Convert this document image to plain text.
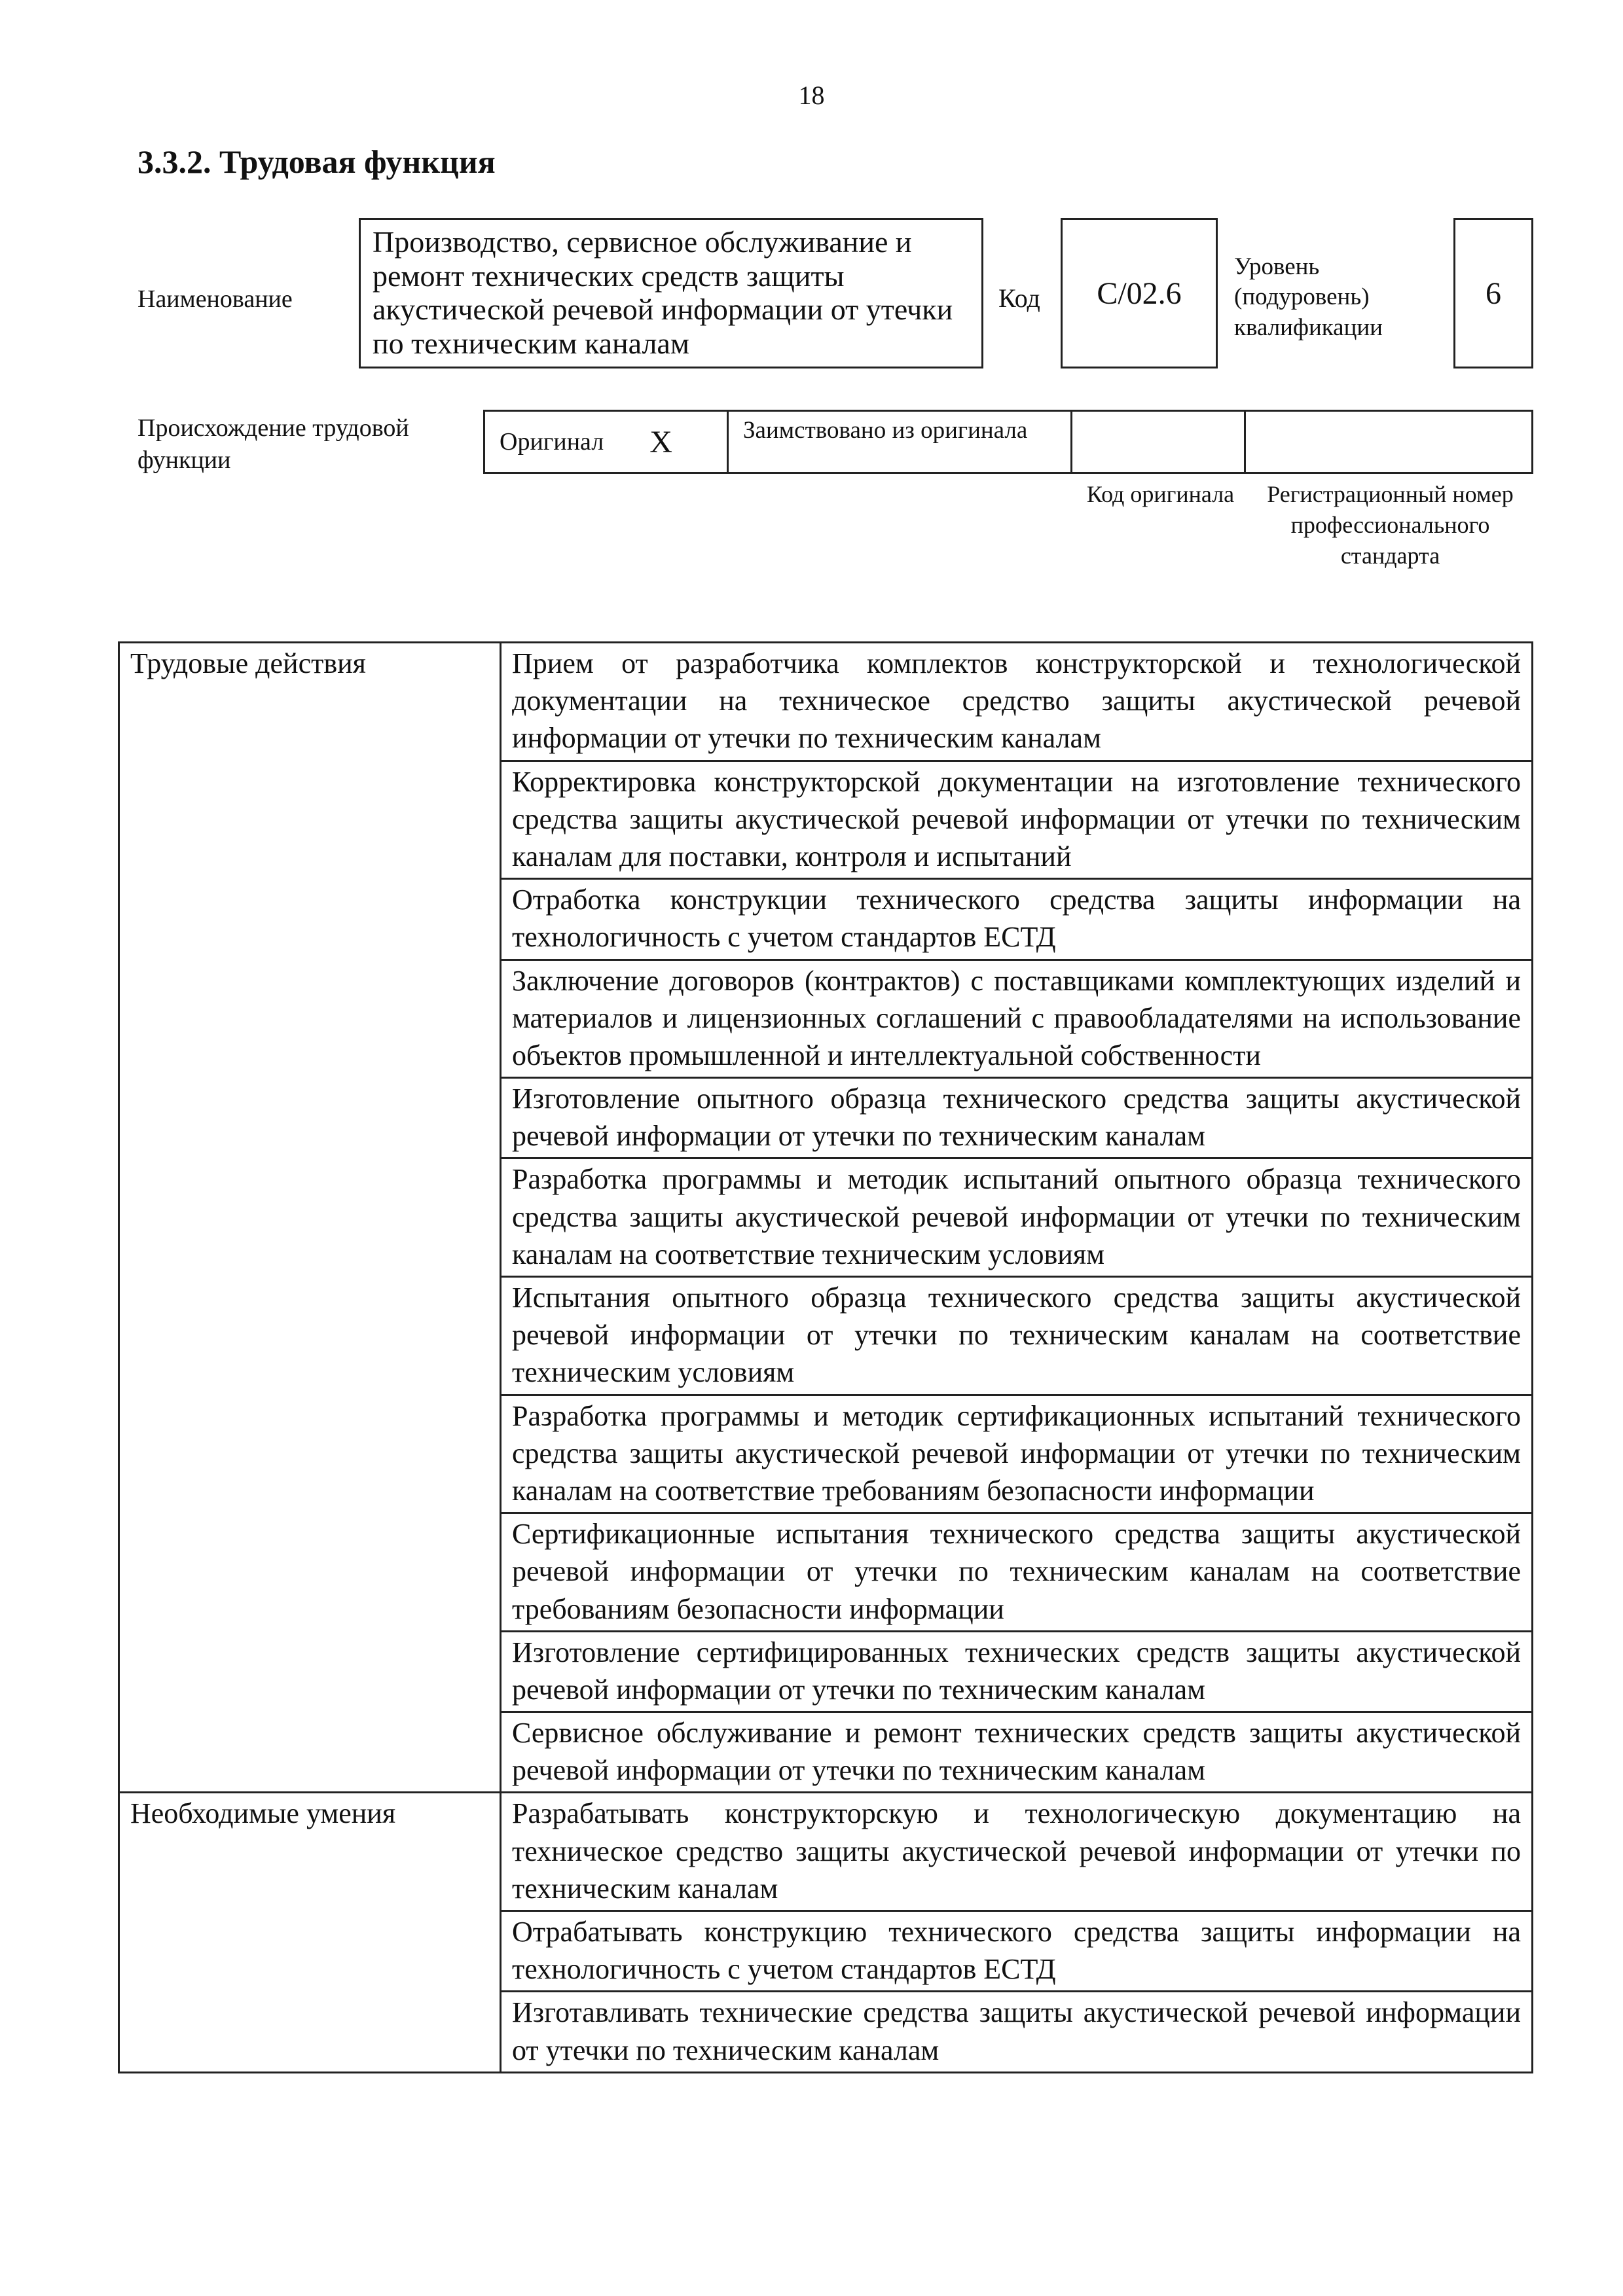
18
3.3.2. Трудовая функция
Наименование
Производство, сервисное обслуживание и ремонт технических средств защиты акустической речевой информации от утечки по техническим каналам
Код	С/02.6
Уровень
(подуровень)
квалификации
6
Происхождение трудовой функции
Оригинал X	Заимствовано из оригинала
Код оригинала	Регистрационный номер профессионального стандарта
Трудовые действия	Прием от разработчика комплектов конструкторской и технологической документации на техническое средство защиты акустической речевой информации от утечки по техническим каналам
	Корректировка конструкторской документации на изготовление технического средства защиты акустической речевой информации от утечки по техническим каналам для поставки, контроля и испытаний
	Отработка конструкции технического средства защиты информации на технологичность с учетом стандартов ЕСТД
	Заключение договоров (контрактов) с поставщиками комплектующих изделий и материалов и лицензионных соглашений с правообладателями на использование объектов промышленной и интеллектуальной собственности
	Изготовление опытного образца технического средства защиты акустической речевой информации от утечки по техническим каналам
	Разработка программы и методик испытаний опытного образца технического средства защиты акустической речевой информации от утечки по техническим каналам на соответствие техническим условиям
	Испытания опытного образца технического средства защиты акустической речевой информации от утечки по техническим каналам на соответствие техническим условиям
	Разработка программы и методик сертификационных испытаний технического средства защиты акустической речевой информации от утечки по техническим каналам на соответствие требованиям безопасности информации
	Сертификационные испытания технического средства защиты акустической речевой информации от утечки по техническим каналам на соответствие требованиям безопасности информации
	Изготовление сертифицированных технических средств защиты акустической речевой информации от утечки по техническим каналам
	Сервисное обслуживание и ремонт технических средств защиты акустической речевой информации от утечки по техническим каналам
Необходимые умения	Разрабатывать конструкторскую и технологическую документацию на техническое средство защиты акустической речевой информации от утечки по техническим каналам
	Отрабатывать конструкцию технического средства защиты информации на технологичность с учетом стандартов ЕСТД
	Изготавливать технические средства защиты акустической речевой информации от утечки по техническим каналам
